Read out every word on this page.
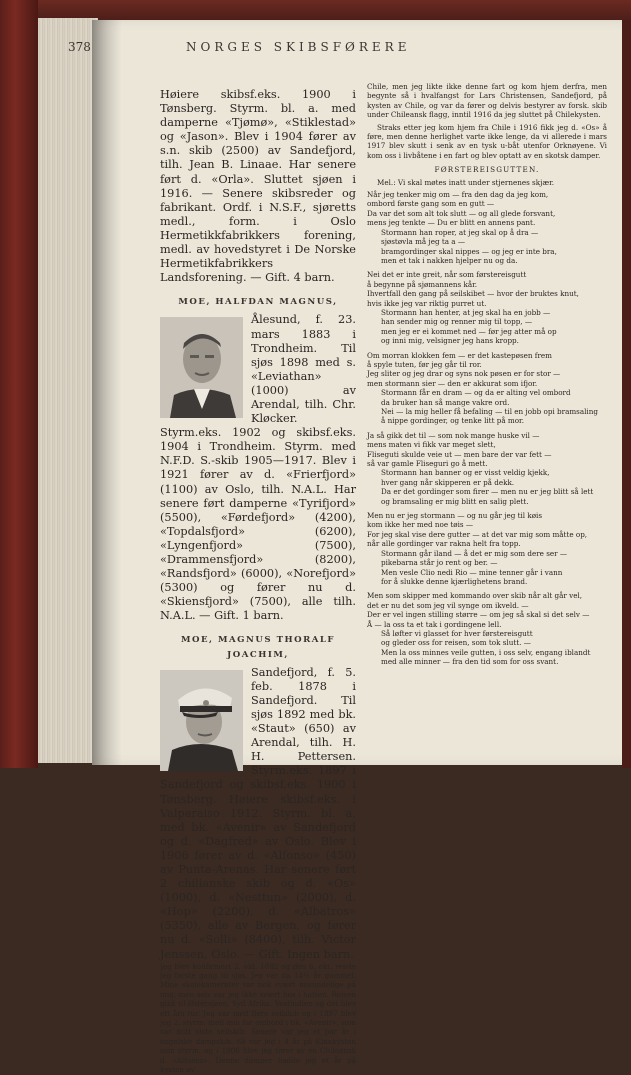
378	NORGES SKIBSFØRERE

Høiere skibsf.eks. 1900 i Tønsberg. Styrm. bl. a. med damperne «Tjømø», «Stiklestad» og «Jason». Blev i 1904 fører av s.n. skib (2500) av Sandefjord, tilh. Jean B. Linaae. Har senere ført d. «Orla». Sluttet sjøen i 1916. — Senere skibsreder og fabrikant. Ordf. i N.S.F., sjøretts medl., form. i Oslo Hermetikkfabrikkers forening, medl. av hovedstyret i De Norske Hermetikfabrikkers Landsforening. — Gift. 4 barn.

MOE, HALFDAN MAGNUS,

Ålesund, f. 23. mars 1883 i Trondheim. Til sjøs 1898 med s. «Leviathan» (1000) av Arendal, tilh. Chr. Kløcker. Styrm.eks. 1902 og skibsf.eks. 1904 i Trondheim. Styrm. med N.F.D. S.-skib 1905—1917. Blev i 1921 fører av d. «Frierfjord» (1100) av Oslo, tilh. N.A.L. Har senere ført damperne «Tyrifjord» (5500), «Førdefjord» (4200), «Topdalsfjord» (6200), «Lyngenfjord» (7500), «Drammensfjord» (8200), «Randsfjord» (6000), «Norefjord» (5300) og fører nu d. «Skiensfjord» (7500), alle tilh. N.A.L. — Gift. 1 barn.

MOE, MAGNUS THORALF JOACHIM,

Sandefjord, f. 5. feb. 1878 i Sandefjord. Til sjøs 1892 med bk. «Staut» (650) av Arendal, tilh. H. H. Pettersen. Styrm.eks. 1897 i Sandefjord og skibsf.eks. 1900 i Tønsberg. Høiere skibsf.eks. i Valparaiso 1912. Styrm. bl. a. med bk. «Avenir» av Sandefjord og d. «Dagfred» av Oslo. Blev i 1906 fører av d. «Alfonso» (450) av Punta-Arenas. Har senere ført 2 chilianske skib og d. «Os» (1000), d. «Nesttun» (2000), d. «Hop» (2200), d. «Albatros» (5350), alle av Bergen, og fører nu d. «Solli» (8400), tilh. Victor Jenssen, Oslo. — Gift. Ingen barn.

Jeg blev konfirmert 2. okt. 1892 og den 6. okt. reiste jeg første gang til sjøs. Jeg var da 14½ år gammel. Mine skolekamerater var nok svært misundelige på mig, men selv var jeg ikke svært hos i hatten. Reisen gikk til Østersjøen, Syd Afrika, Vestindien og det blev ett års tur. Jeg var med flere seilskib og i 1897 blev jeg 2. styrm. med min far ombord i bk. «Avenir», som var mitt siste seilskib. Senere var jeg et par år i engelske dampskib. Så var jeg i 4 år på Kinakysten som styrm. og i 1906 blev jeg fører av en Chileansk d. «Alfonso». Denne damper hadde jeg et år på kysten av

Chile, men jeg likte ikke denne fart og kom hjem derfra, men begynte så i hvalfangst for Lars Christensen, Sandefjord, på kysten av Chile, og var da fører og delvis bestyrer av forsk. skib under Chileansk flagg, inntil 1916 da jeg sluttet på Chilekysten.

Straks etter jeg kom hjem fra Chile i 1916 fikk jeg d. «Os» å føre, men denne herlighet varte ikke lenge, da vi allerede i mars 1917 blev skutt i senk av en tysk u-båt utenfor Orknøyene. Vi kom oss i livbåtene i en fart og blev optatt av en skotsk damper.

FØRSTEREISGUTTEN.

Mel.: Vi skal møtes inatt under stjernenes skjær.

Når jeg tenker mig om — fra den dag da jeg kom,
ombord første gang som en gutt —
Da var det som alt tok slutt — og all glede forsvant,
mens jeg tenkte — Du er blitt en annens pant.
Stormann han roper, at jeg skal op å dra —
sjøstøvla må jeg ta a —
bramgordinger skal nippes — og jeg er inte bra,
men et tak i nakken hjelper nu og da.
Nei det er inte greit, når som førstereisgutt
å begynne på sjømannens kår.
Ihvertfall den gang på seilskibet — hvor der bruktes knut,
hvis ikke jeg var riktig purret ut.
Stormann han henter, at jeg skal ha en jobb —
han sender mig og renner mig til topp, —
men jeg er ei kommet ned — før jeg atter må op
og inni mig, velsigner jeg hans kropp.
Om morran klokken fem — er det kastepøsen frem
å spyle tuten, før jeg går til ror.
Jeg sliter og jeg drar og syns nok pøsen er for stor —
men stormann sier — den er akkurat som ifjor.
Stormann får en dram — og da er alting vel ombord
da bruker han så mange vakre ord.
Nei — la mig heller få befaling — til en jobb opi bramsaling
å nippe gordinger, og tenke litt på mor.
Ja så gikk det til — som nok mange huske vil —
mens maten vi fikk var meget slett,
Fliseguti skulde veie ut — men bare der var fett —
så var gamle Fliseguri go å mett.
Stormann han banner og er visst veldig kjekk,
hver gang når skipperen er på dekk.
Da er det gordinger som firer — men nu er jeg blitt så lett
og bramsaling er mig blitt en salig plett.
Men nu er jeg stormann — og nu går jeg til køis
kom ikke her med noe tøis —
For jeg skal vise dere gutter — at det var mig som måtte op,
når alle gordinger var rakna helt fra topp.
Stormann går iland — å det er mig som dere ser —
pikebarna står jo rent og ber. —
Men vesle Clio nedi Rio — mine tenner går i vann
for å slukke denne kjærlighetens brand.
Men som skipper med kommando over skib når alt går vel,
det er nu det som jeg vil synge om ikveld. —
Der er vel ingen stilling større — om jeg så skal si det selv —
Å — la oss ta et tak i gordingene lell.
Så løfter vi glasset for hver førstereisgutt
og gleder oss for reisen, som tok slutt. —
Men la oss minnes veile gutten, i oss selv, engang iblandt
med alle minner — fra den tid som for oss svant.
